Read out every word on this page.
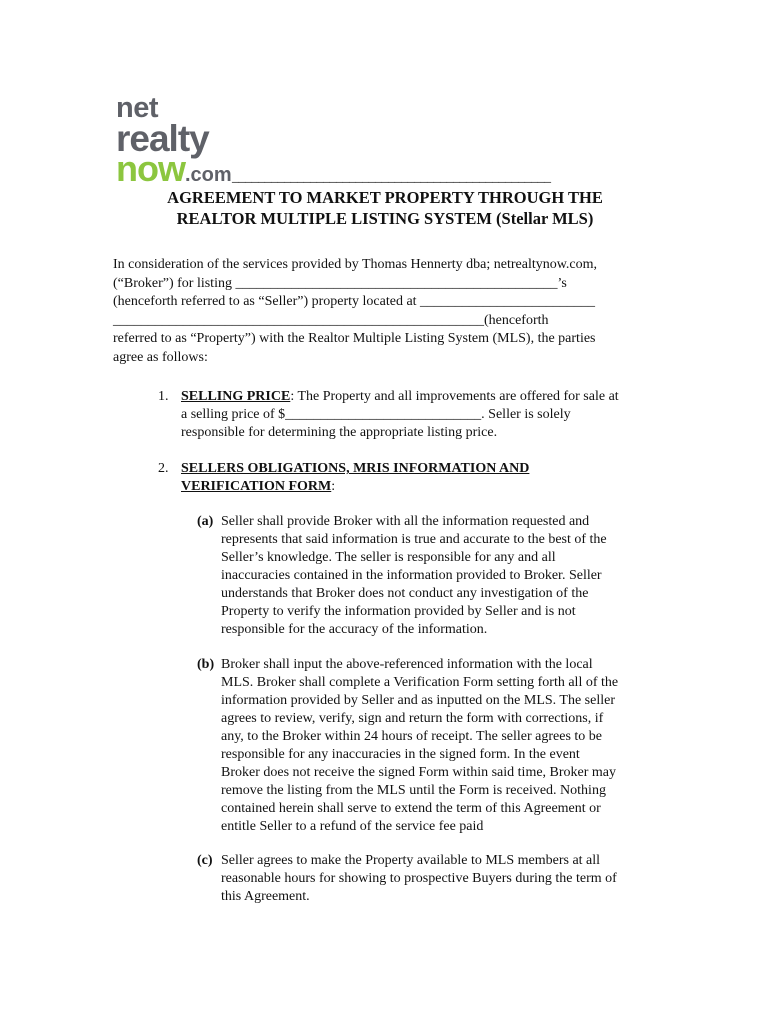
net
realty
now.com _________________________________________________
AGREEMENT TO MARKET PROPERTY THROUGH THE
REALTOR MULTIPLE LISTING SYSTEM (Stellar MLS)
In consideration of the services provided by Thomas Hennerty dba; netrealtynow.com,
(“Broker”) for listing ______________________________________________’s
(henceforth referred to as “Seller”) property located at _________________________
_____________________________________________________(henceforth
referred to as “Property”) with the Realtor Multiple Listing System (MLS), the parties
agree as follows:
1. SELLING PRICE: The Property and all improvements are offered for sale at
a selling price of $____________________________. Seller is solely
responsible for determining the appropriate listing price.
2. SELLERS OBLIGATIONS, MRIS INFORMATION AND
VERIFICATION FORM:
(a) Seller shall provide Broker with all the information requested and
represents that said information is true and accurate to the best of the
Seller’s knowledge. The seller is responsible for any and all
inaccuracies contained in the information provided to Broker. Seller
understands that Broker does not conduct any investigation of the
Property to verify the information provided by Seller and is not
responsible for the accuracy of the information.
(b) Broker shall input the above-referenced information with the local
MLS. Broker shall complete a Verification Form setting forth all of the
information provided by Seller and as inputted on the MLS. The seller
agrees to review, verify, sign and return the form with corrections, if
any, to the Broker within 24 hours of receipt. The seller agrees to be
responsible for any inaccuracies in the signed form. In the event
Broker does not receive the signed Form within said time, Broker may
remove the listing from the MLS until the Form is received. Nothing
contained herein shall serve to extend the term of this Agreement or
entitle Seller to a refund of the service fee paid
(c) Seller agrees to make the Property available to MLS members at all
reasonable hours for showing to prospective Buyers during the term of
this Agreement.
